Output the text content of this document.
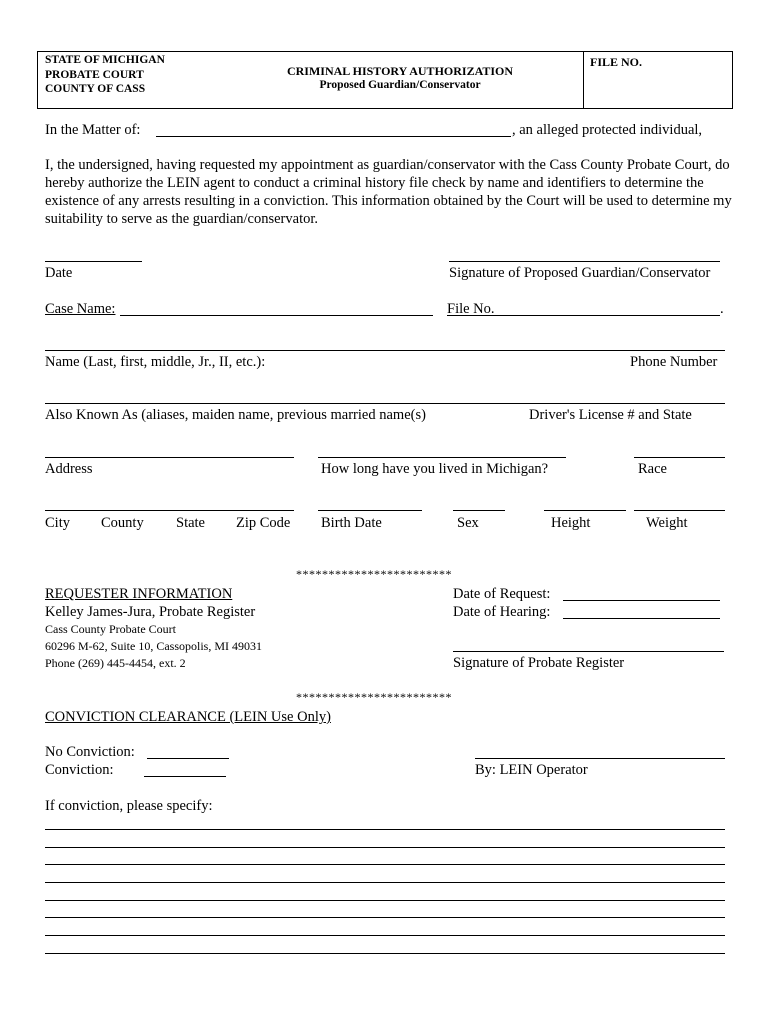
STATE OF MICHIGAN
PROBATE COURT
COUNTY OF CASS
CRIMINAL HISTORY AUTHORIZATION
Proposed Guardian/Conservator
FILE NO.
In the Matter of:	, an alleged protected individual,
I, the undersigned, having requested my appointment as guardian/conservator with the Cass County Probate Court, do hereby authorize the LEIN agent to conduct a criminal history file check by name and identifiers to determine the existence of any arrests resulting in a conviction. This information obtained by the Court will be used to determine my suitability to serve as the guardian/conservator.
Date	Signature of Proposed Guardian/Conservator
Case Name:	File No.	.
Name (Last, first, middle, Jr., II, etc.):	Phone Number
Also Known As (aliases, maiden name, previous married name(s)	Driver's License # and State
Address	How long have you lived in Michigan?	Race
City County State Zip Code Birth Date	Sex	Height	Weight
************************
REQUESTER INFORMATION
Kelley James-Jura, Probate Register
Cass County Probate Court
60296 M-62, Suite 10, Cassopolis, MI 49031
Phone (269) 445-4454, ext. 2
Date of Request:
Date of Hearing:
Signature of Probate Register
************************
CONVICTION CLEARANCE (LEIN Use Only)
No Conviction:
Conviction:	By: LEIN Operator
If conviction, please specify:
